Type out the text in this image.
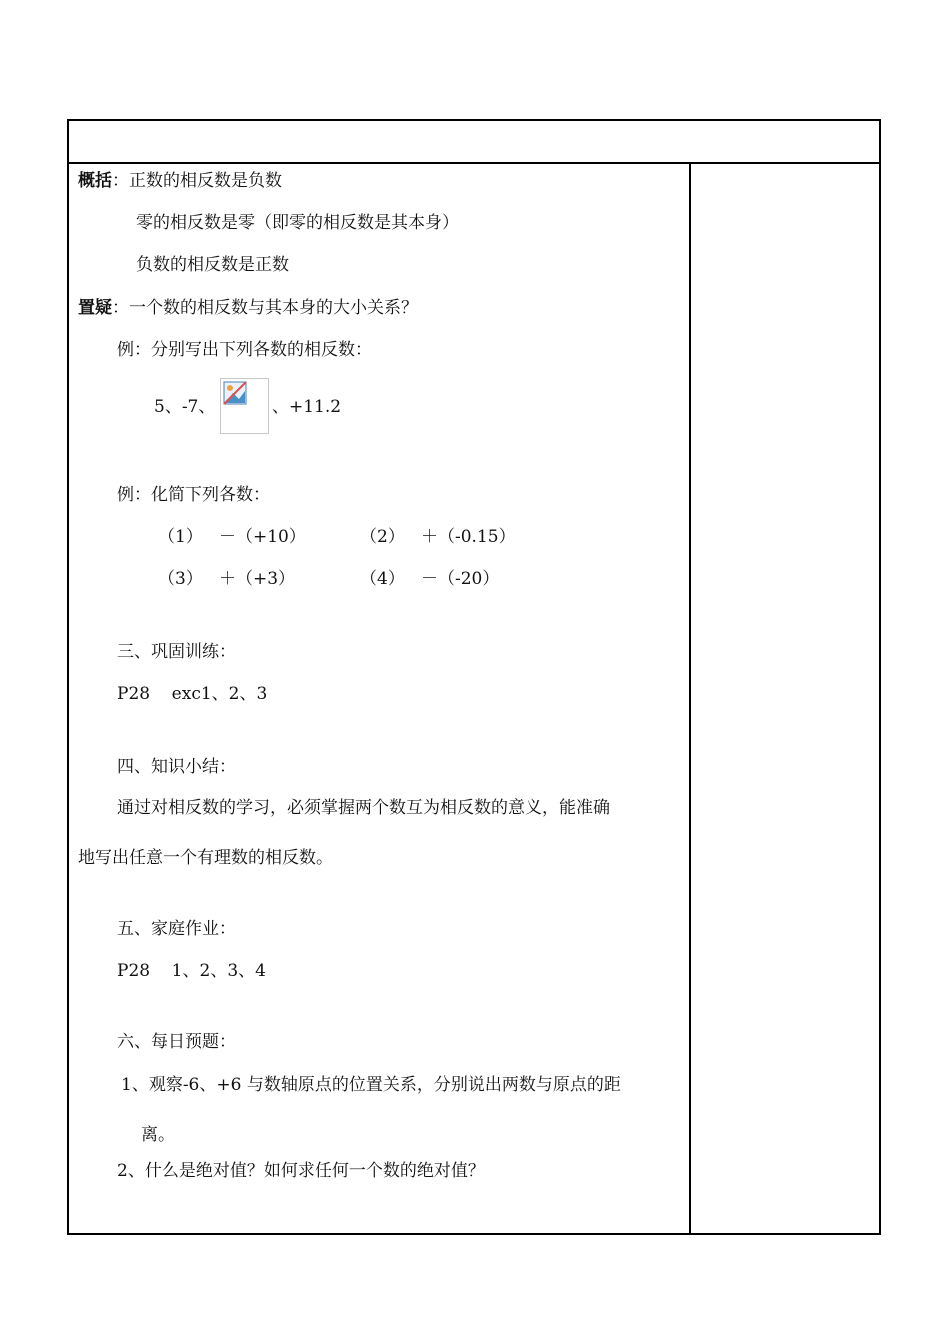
概括：正数的相反数是负数
零的相反数是零（即零的相反数是其本身）
负数的相反数是正数
置疑：一个数的相反数与其本身的大小关系？
例：分别写出下列各数的相反数：
5、-7、	、+11.2
例：化简下列各数：
（1） －（+10）	（2） ＋（-0.15）
（3） ＋（+3）	（4） －（-20）
三、巩固训练：
P28    exc1、2、3
四、知识小结：
通过对相反数的学习，必须掌握两个数互为相反数的意义，能准确
地写出任意一个有理数的相反数。
五、家庭作业：
P28    1、2、3、4
六、每日预题：
1、观察-6、+6 与数轴原点的位置关系，分别说出两数与原点的距
离。
2、什么是绝对值？如何求任何一个数的绝对值？
